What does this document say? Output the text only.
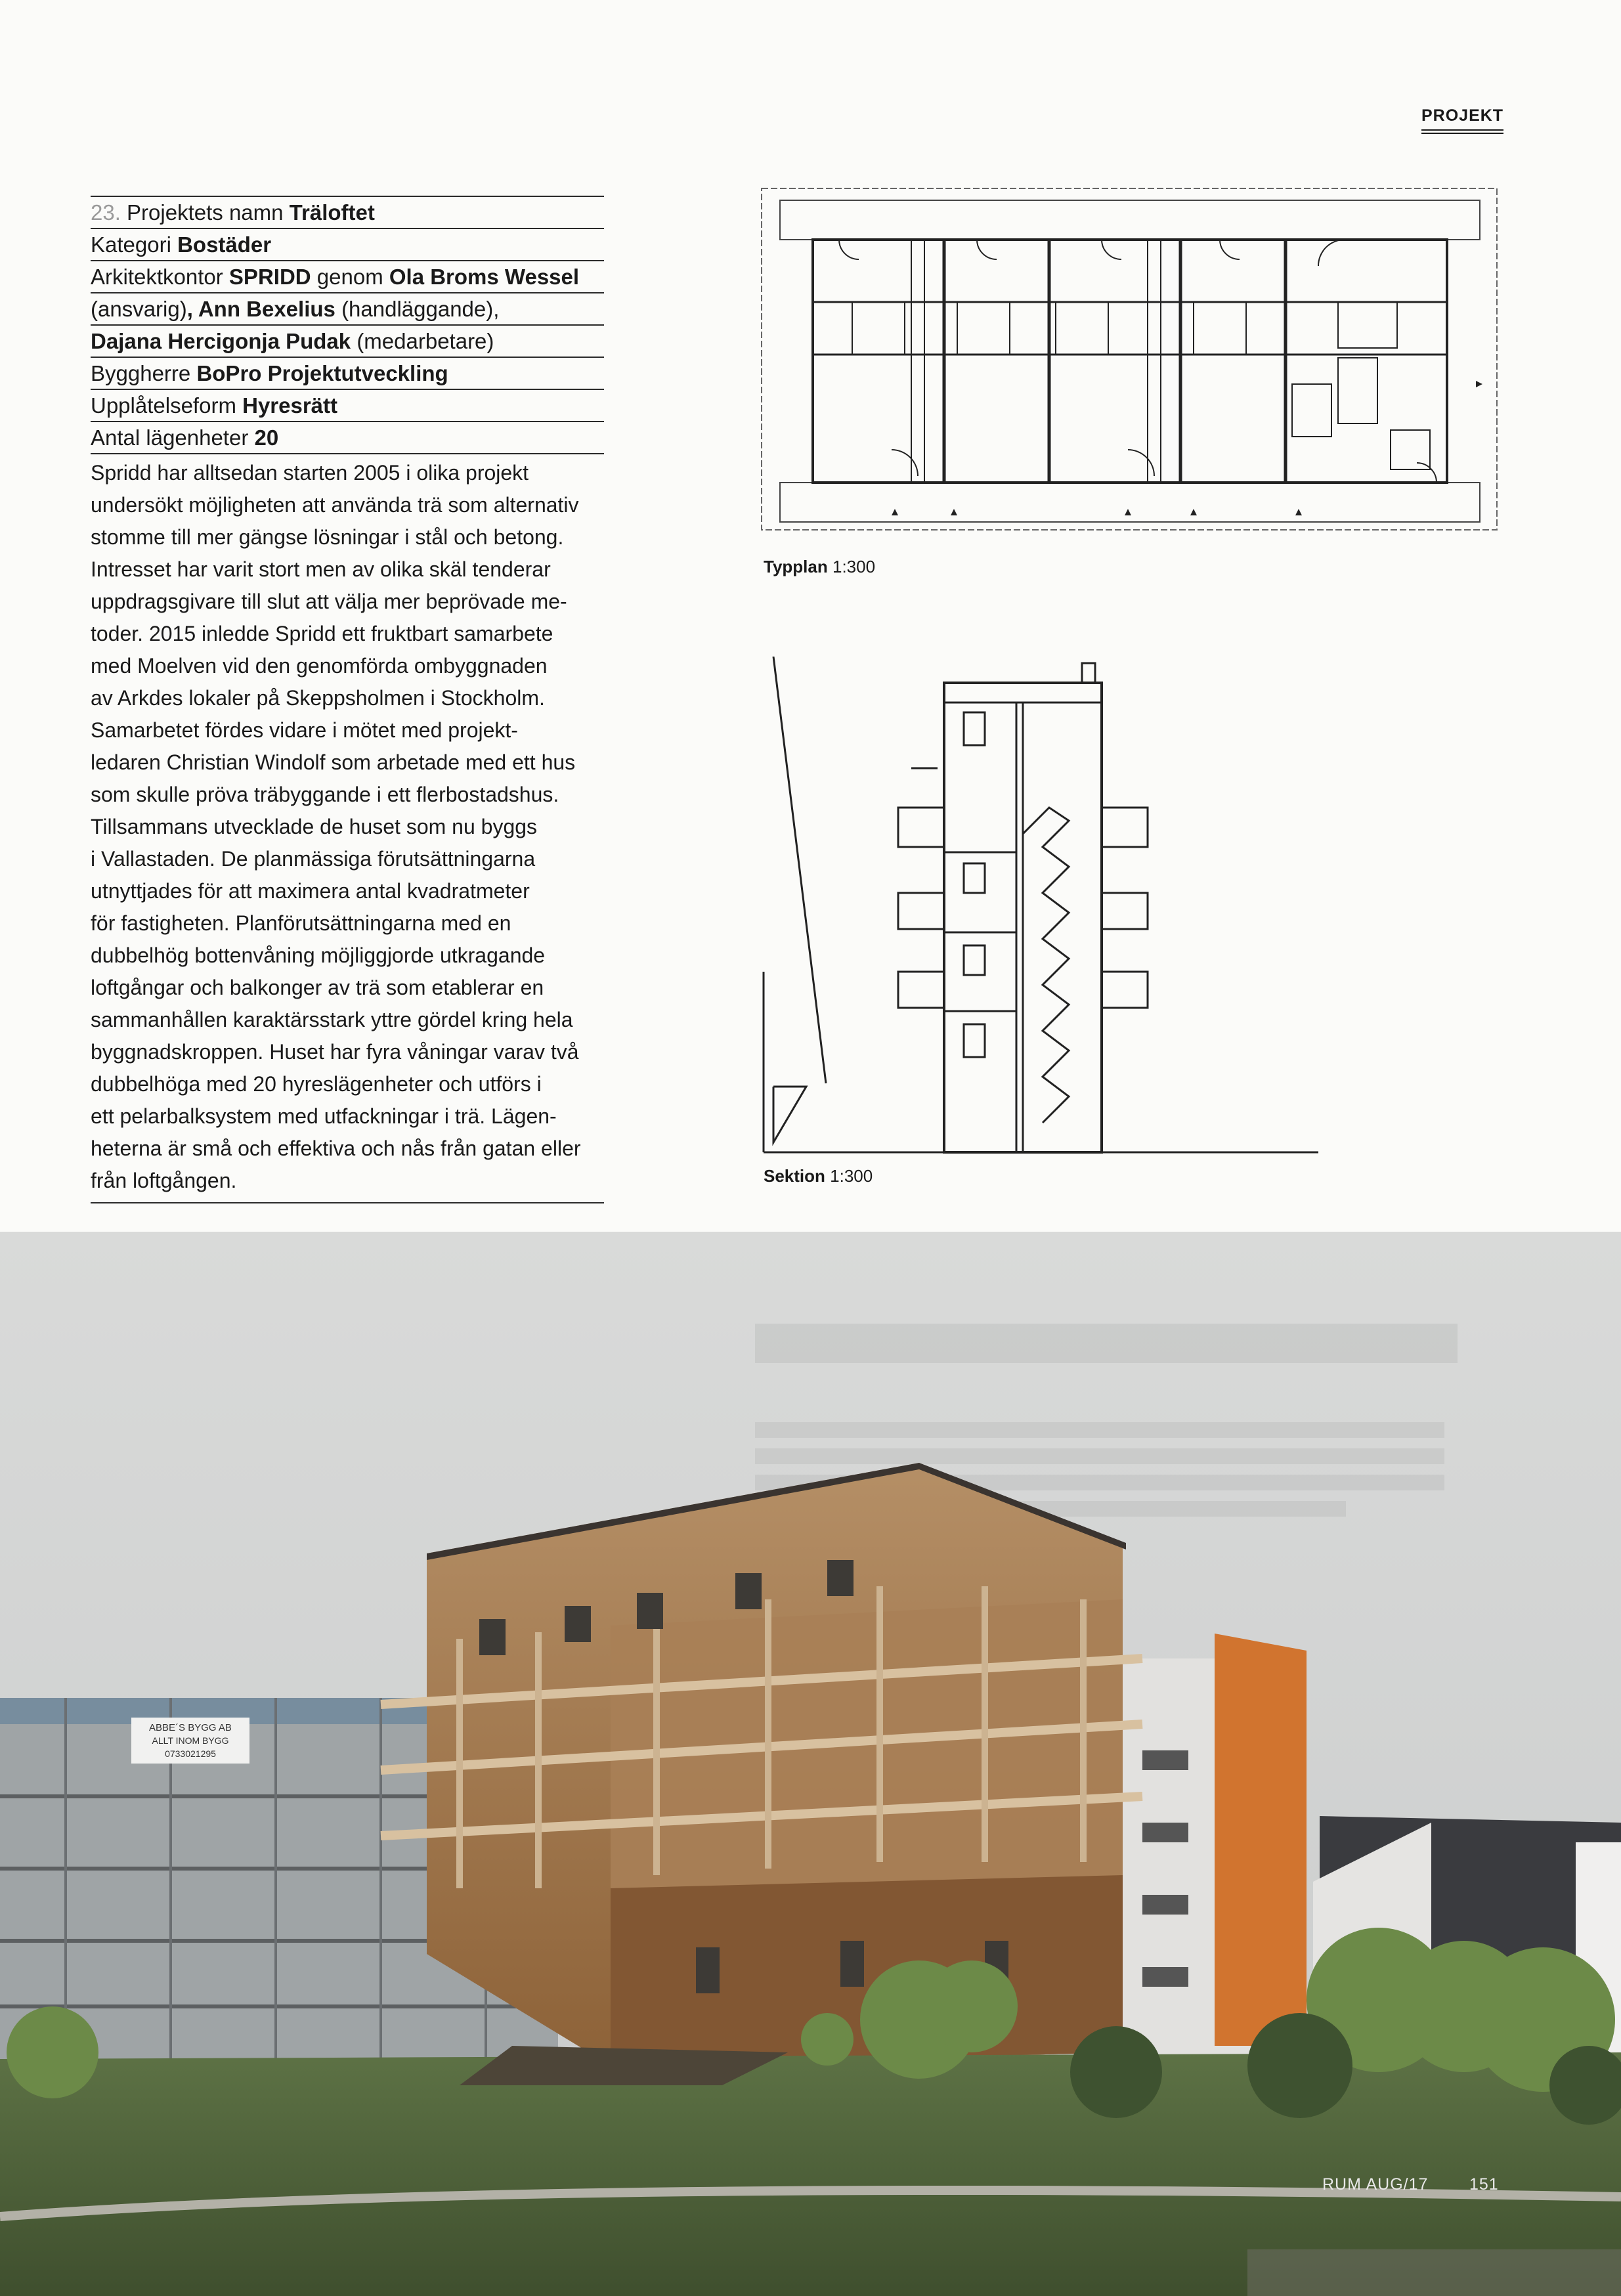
PROJEKT
23. Projektets namn Träloftet
Kategori Bostäder
Arkitektkontor SPRIDD genom Ola Broms Wessel
(ansvarig), Ann Bexelius (handläggande),
Dajana Hercigonja Pudak (medarbetare)
Byggherre BoPro Projektutveckling
Upplåtelseform Hyresrätt
Antal lägenheter 20
Spridd har alltsedan starten 2005 i olika projekt
undersökt möjligheten att använda trä som alternativ
stomme till mer gängse lösningar i stål och betong.
Intresset har varit stort men av olika skäl tenderar
uppdragsgivare till slut att välja mer beprövade me-
toder. 2015 inledde Spridd ett fruktbart samarbete
med Moelven vid den genomförda ombyggnaden
av Arkdes lokaler på Skeppsholmen i Stockholm.
Samarbetet fördes vidare i mötet med projekt-
ledaren Christian Windolf som arbetade med ett hus
som skulle pröva träbyggande i ett flerbostadshus.
Tillsammans utvecklade de huset som nu byggs
i Vallastaden. De planmässiga förutsättningarna
utnyttjades för att maximera antal kvadratmeter
för fastigheten. Planförutsättningarna med en
dubbelhög bottenvåning möjliggjorde utkragande
loftgångar och balkonger av trä som etablerar en
sammanhållen karaktärsstark yttre gördel kring hela
byggnadskroppen. Huset har fyra våningar varav två
dubbelhöga med 20 hyreslägenheter och utförs i
ett pelarbalksystem med utfackningar i trä. Lägen-
heterna är små och effektiva och nås från gatan eller
från loftgången.
Typplan 1:300
Sektion 1:300
ABBE´S BYGG AB
ALLT INOM BYGG
0733021295
RUM AUG/17	151
